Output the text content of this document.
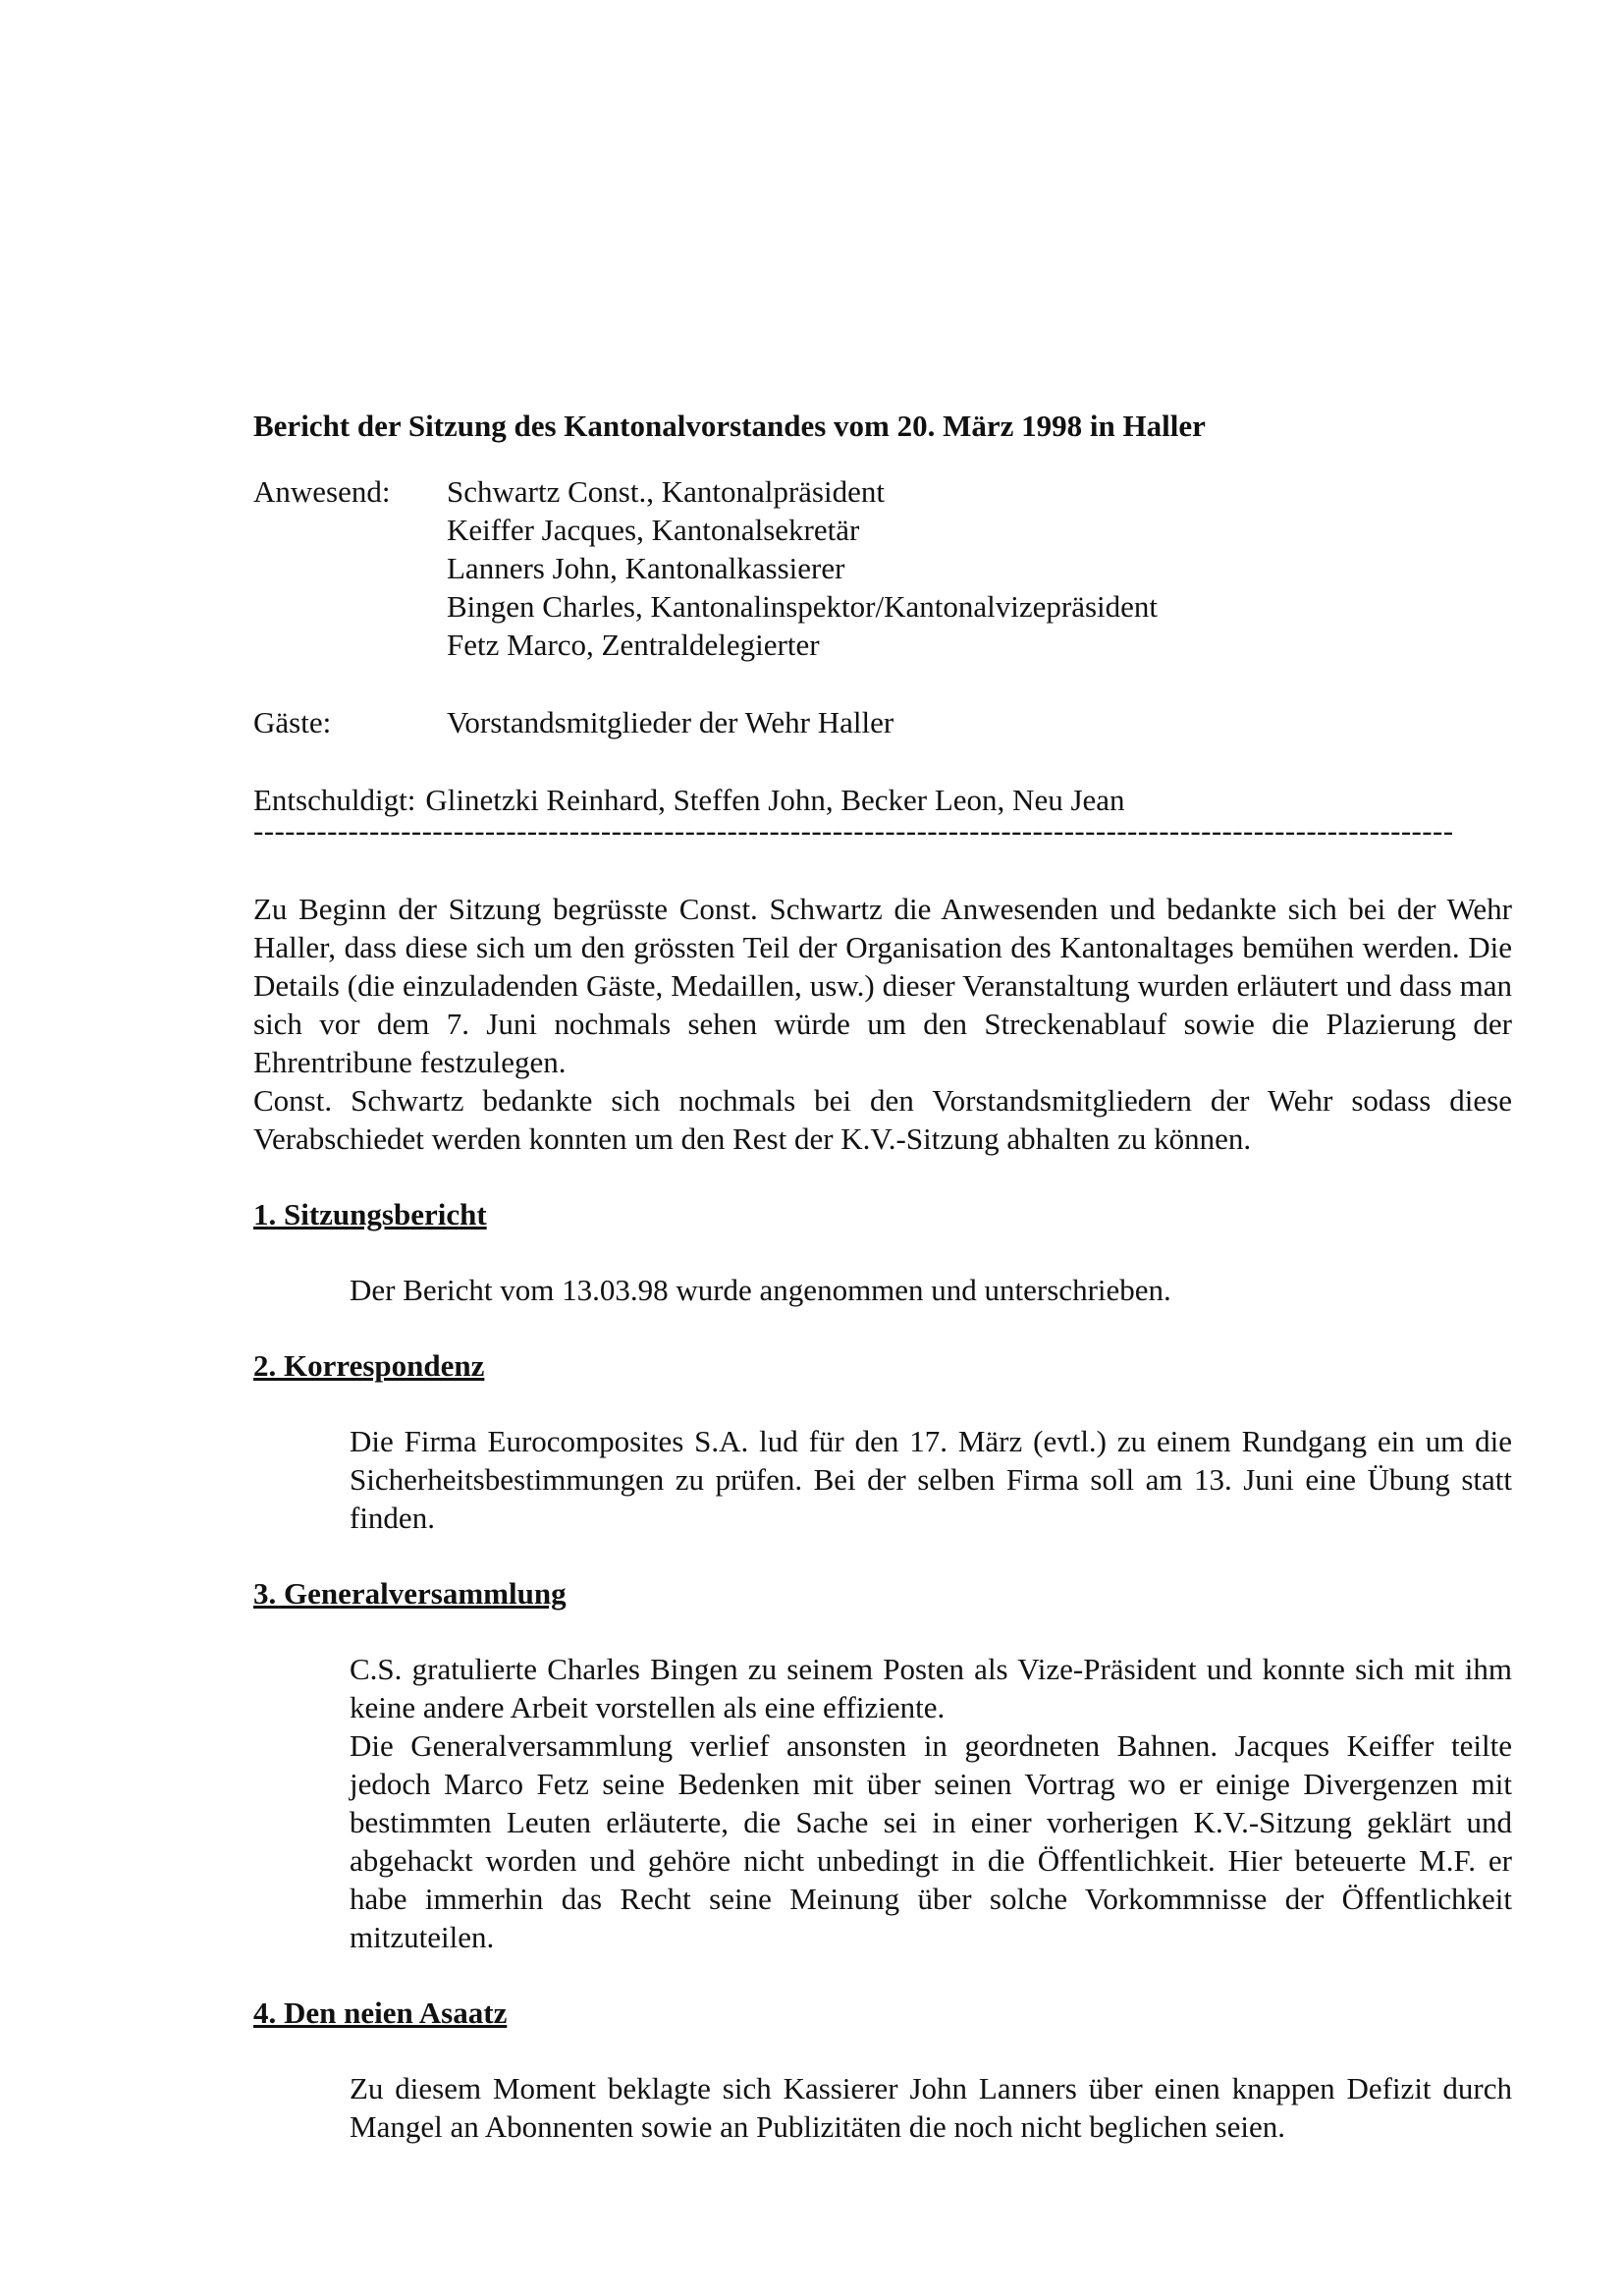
Bericht der Sitzung des Kantonalvorstandes vom 20. März 1998 in Haller

Anwesend:	Schwartz Const., Kantonalpräsident
Keiffer Jacques, Kantonalsekretär
Lanners John, Kantonalkassierer
Bingen Charles, Kantonalinspektor/Kantonalvizepräsident
Fetz Marco, Zentraldelegierter
Gäste:	Vorstandsmitglieder der Wehr Haller
Entschuldigt: Glinetzki Reinhard, Steffen John, Becker Leon, Neu Jean

------------------------------------------------------------------------------------------------------------------

Zu Beginn der Sitzung begrüsste Const. Schwartz die Anwesenden und bedankte sich bei der Wehr Haller, dass diese sich um den grössten Teil der Organisation des Kantonaltages bemühen werden. Die Details (die einzuladenden Gäste, Medaillen, usw.) dieser Veranstaltung wurden erläutert und dass man sich vor dem 7. Juni nochmals sehen würde um den Streckenablauf sowie die Plazierung der Ehrentribune festzulegen.

Const. Schwartz bedankte sich nochmals bei den Vorstandsmitgliedern der Wehr sodass diese Verabschiedet werden konnten um den Rest der K.V.-Sitzung abhalten zu können.

1. Sitzungsbericht

Der Bericht vom 13.03.98 wurde angenommen und unterschrieben.

2. Korrespondenz

Die Firma Eurocomposites S.A. lud für den 17. März (evtl.) zu einem Rundgang ein um die Sicherheitsbestimmungen zu prüfen. Bei der selben Firma soll am 13. Juni eine Übung statt finden.

3. Generalversammlung

C.S. gratulierte Charles Bingen zu seinem Posten als Vize-Präsident und konnte sich mit ihm keine andere Arbeit vorstellen als eine effiziente.

Die Generalversammlung verlief ansonsten in geordneten Bahnen. Jacques Keiffer teilte jedoch Marco Fetz seine Bedenken mit über seinen Vortrag wo er einige Divergenzen mit bestimmten Leuten erläuterte, die Sache sei in einer vorherigen K.V.-Sitzung geklärt und abgehackt worden und gehöre nicht unbedingt in die Öffentlichkeit. Hier beteuerte M.F. er habe immerhin das Recht seine Meinung über solche Vorkommnisse der Öffentlichkeit mitzuteilen.

4. Den neien Asaatz

Zu diesem Moment beklagte sich Kassierer John Lanners über einen knappen Defizit durch Mangel an Abonnenten sowie an Publizitäten die noch nicht beglichen seien.
